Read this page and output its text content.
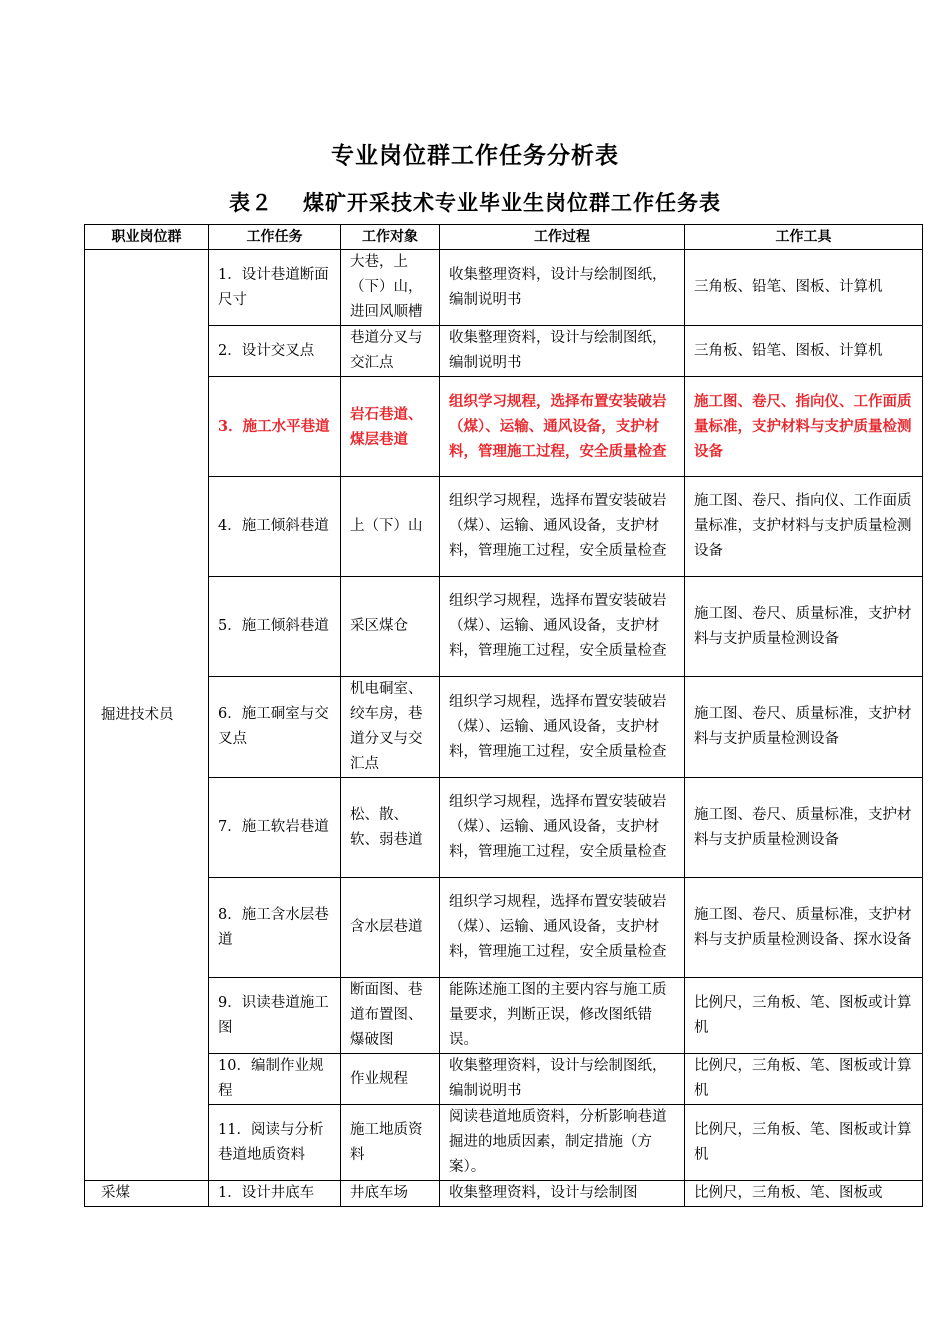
专业岗位群工作任务分析表
表２ 煤矿开采技术专业毕业生岗位群工作任务表
职业岗位群	工作任务	工作对象	工作过程	工作工具
掘进技术员	1．设计巷道断面尺寸	大巷，上（下）山，进回风顺槽	收集整理资料，设计与绘制图纸，编制说明书	三角板、铅笔、图板、计算机
	2．设计交叉点	巷道分叉与交汇点	收集整理资料，设计与绘制图纸，编制说明书	三角板、铅笔、图板、计算机
	3．施工水平巷道	岩石巷道、煤层巷道	组织学习规程，选择布置安装破岩（煤）、运输、通风设备，支护材料，管理施工过程，安全质量检查	施工图、卷尺、指向仪、工作面质量标准，支护材料与支护质量检测设备
	4．施工倾斜巷道	上（下）山	组织学习规程，选择布置安装破岩（煤）、运输、通风设备，支护材料，管理施工过程，安全质量检查	施工图、卷尺、指向仪、工作面质量标准，支护材料与支护质量检测设备
	5．施工倾斜巷道	采区煤仓	组织学习规程，选择布置安装破岩（煤）、运输、通风设备，支护材料，管理施工过程，安全质量检查	施工图、卷尺、质量标准，支护材料与支护质量检测设备
	6．施工硐室与交叉点	机电硐室、绞车房，巷道分叉与交汇点	组织学习规程，选择布置安装破岩（煤）、运输、通风设备，支护材料，管理施工过程，安全质量检查	施工图、卷尺、质量标准，支护材料与支护质量检测设备
	7．施工软岩巷道	松、散、软、弱巷道	组织学习规程，选择布置安装破岩（煤）、运输、通风设备，支护材料，管理施工过程，安全质量检查	施工图、卷尺、质量标准，支护材料与支护质量检测设备
	8．施工含水层巷道	含水层巷道	组织学习规程，选择布置安装破岩（煤）、运输、通风设备，支护材料，管理施工过程，安全质量检查	施工图、卷尺、质量标准，支护材料与支护质量检测设备、探水设备
	9．识读巷道施工图	断面图、巷道布置图、爆破图	能陈述施工图的主要内容与施工质量要求，判断正误，修改图纸错误。	比例尺，三角板、笔、图板或计算机
	10．编制作业规程	作业规程	收集整理资料，设计与绘制图纸，编制说明书	比例尺，三角板、笔、图板或计算机
	11．阅读与分析巷道地质资料	施工地质资料	阅读巷道地质资料，分析影响巷道掘进的地质因素，制定措施（方案）。	比例尺，三角板、笔、图板或计算机
采煤	1．设计井底车	井底车场	收集整理资料，设计与绘制图	比例尺，三角板、笔、图板或
